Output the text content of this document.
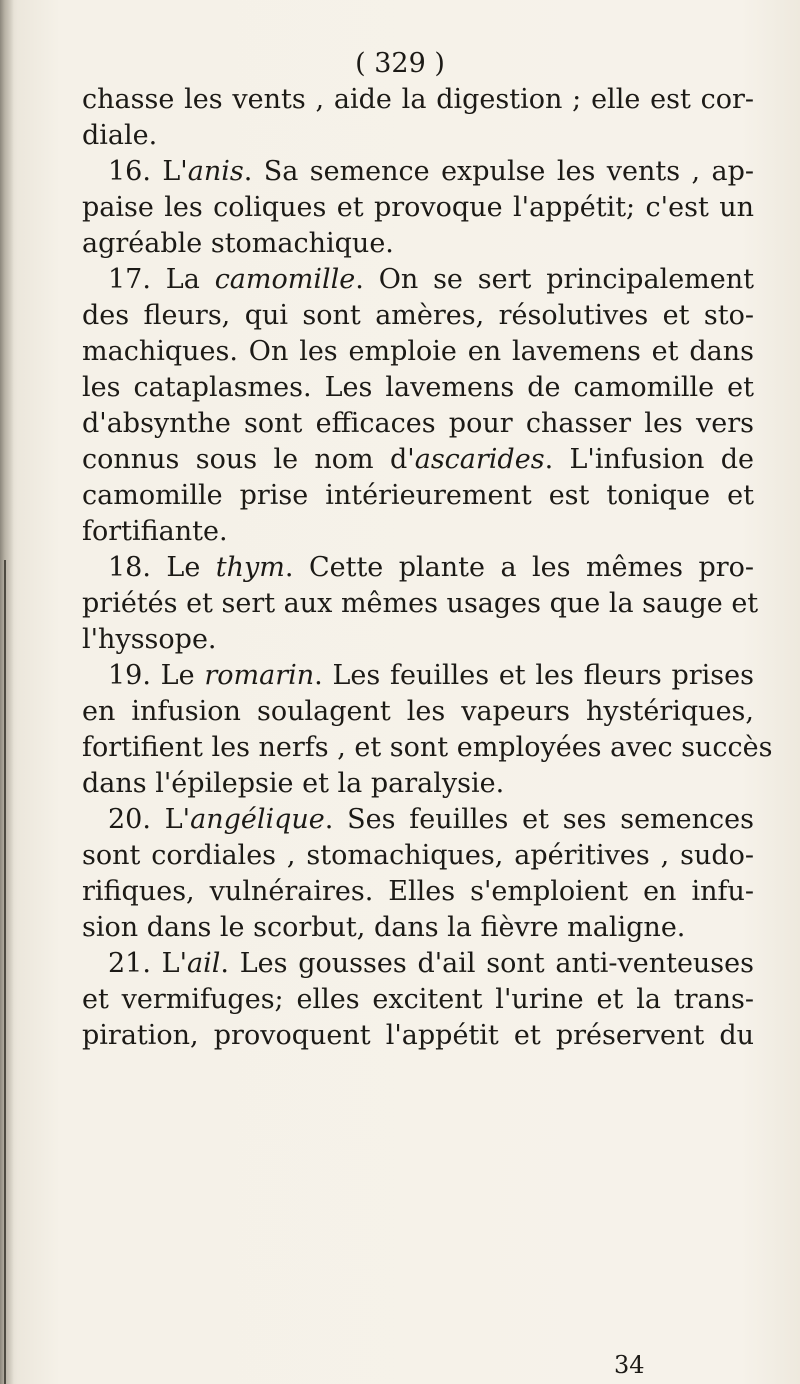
( 329 )
chasse les vents , aide la digestion ; elle est cor-
diale.
16. L'anis. Sa semence expulse les vents , ap-
paise les coliques et provoque l'appétit; c'est un
agréable stomachique.
17. La camomille. On se sert principalement
des fleurs, qui sont amères, résolutives et sto-
machiques. On les emploie en lavemens et dans
les cataplasmes. Les lavemens de camomille et
d'absynthe sont efficaces pour chasser les vers
connus sous le nom d'ascarides. L'infusion de
camomille prise intérieurement est tonique et
fortifiante.
18. Le thym. Cette plante a les mêmes pro-
priétés et sert aux mêmes usages que la sauge et
l'hyssope.
19. Le romarin. Les feuilles et les fleurs prises
en infusion soulagent les vapeurs hystériques,
fortifient les nerfs , et sont employées avec succès
dans l'épilepsie et la paralysie.
20. L'angélique. Ses feuilles et ses semences
sont cordiales , stomachiques, apéritives , sudo-
rifiques, vulnéraires. Elles s'emploient en infu-
sion dans le scorbut, dans la fièvre maligne.
21. L'ail. Les gousses d'ail sont anti-venteuses
et vermifuges; elles excitent l'urine et la trans-
piration, provoquent l'appétit et préservent du
34
